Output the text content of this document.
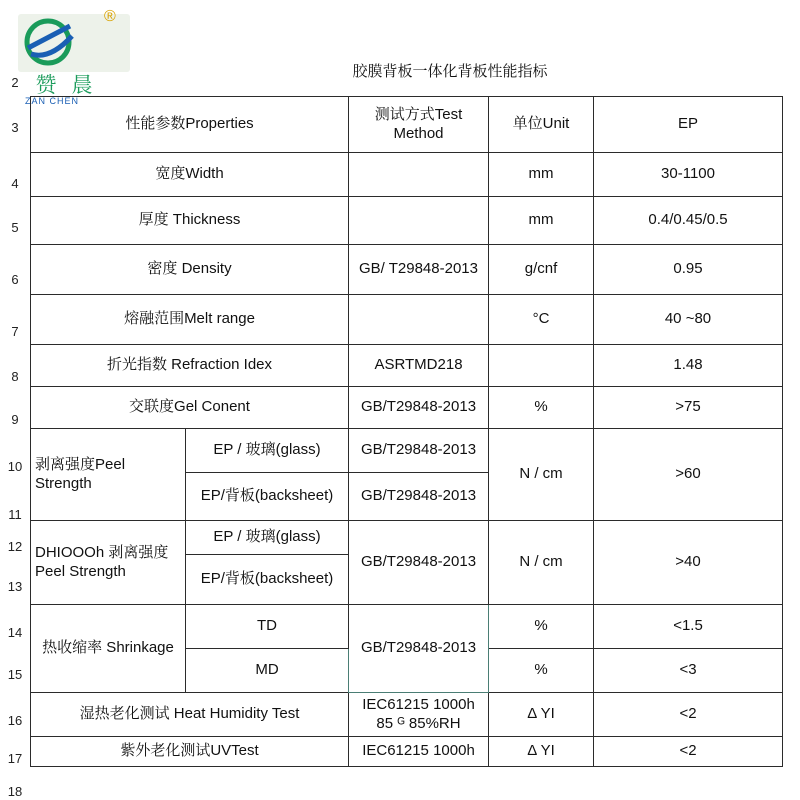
2
3
4
5
6
7
8
9
10
11
12
13
14
15
16
17
18
赞 晨
ZAN CHEN
®
胶膜背板一体化背板性能指标
性能参数Properties		测试方式Test Method	单位Unit	EP
宽度Width			mm	30-1100
厚度 Thickness			mm	0.4/0.45/0.5
密度 Density		GB/ T29848-2013	g/cnf	0.95
熔融范围Melt range			°C	40 ~80
折光指数 Refraction Idex		ASRTMD218		1.48
交联度Gel Conent		GB/T29848-2013	%	>75
剥离强度Peel Strength	EP / 玻璃(glass)	GB/T29848-2013	N / cm	>60
	EP/背板(backsheet)	GB/T29848-2013		
DHIOOOh 剥离强度Peel Strength	EP / 玻璃(glass)	GB/T29848-2013	N / cm	>40
	EP/背板(backsheet)			
热收缩率 Shrinkage	TD	GB/T29848-2013	%	<1.5
	MD		%	<3
湿热老化测试 Heat Humidity Test		IEC61215 1000h 85 ᴳ 85%RH	Δ YI	<2
紫外老化测试UVTest		IEC61215 1000h	Δ YI	<2
